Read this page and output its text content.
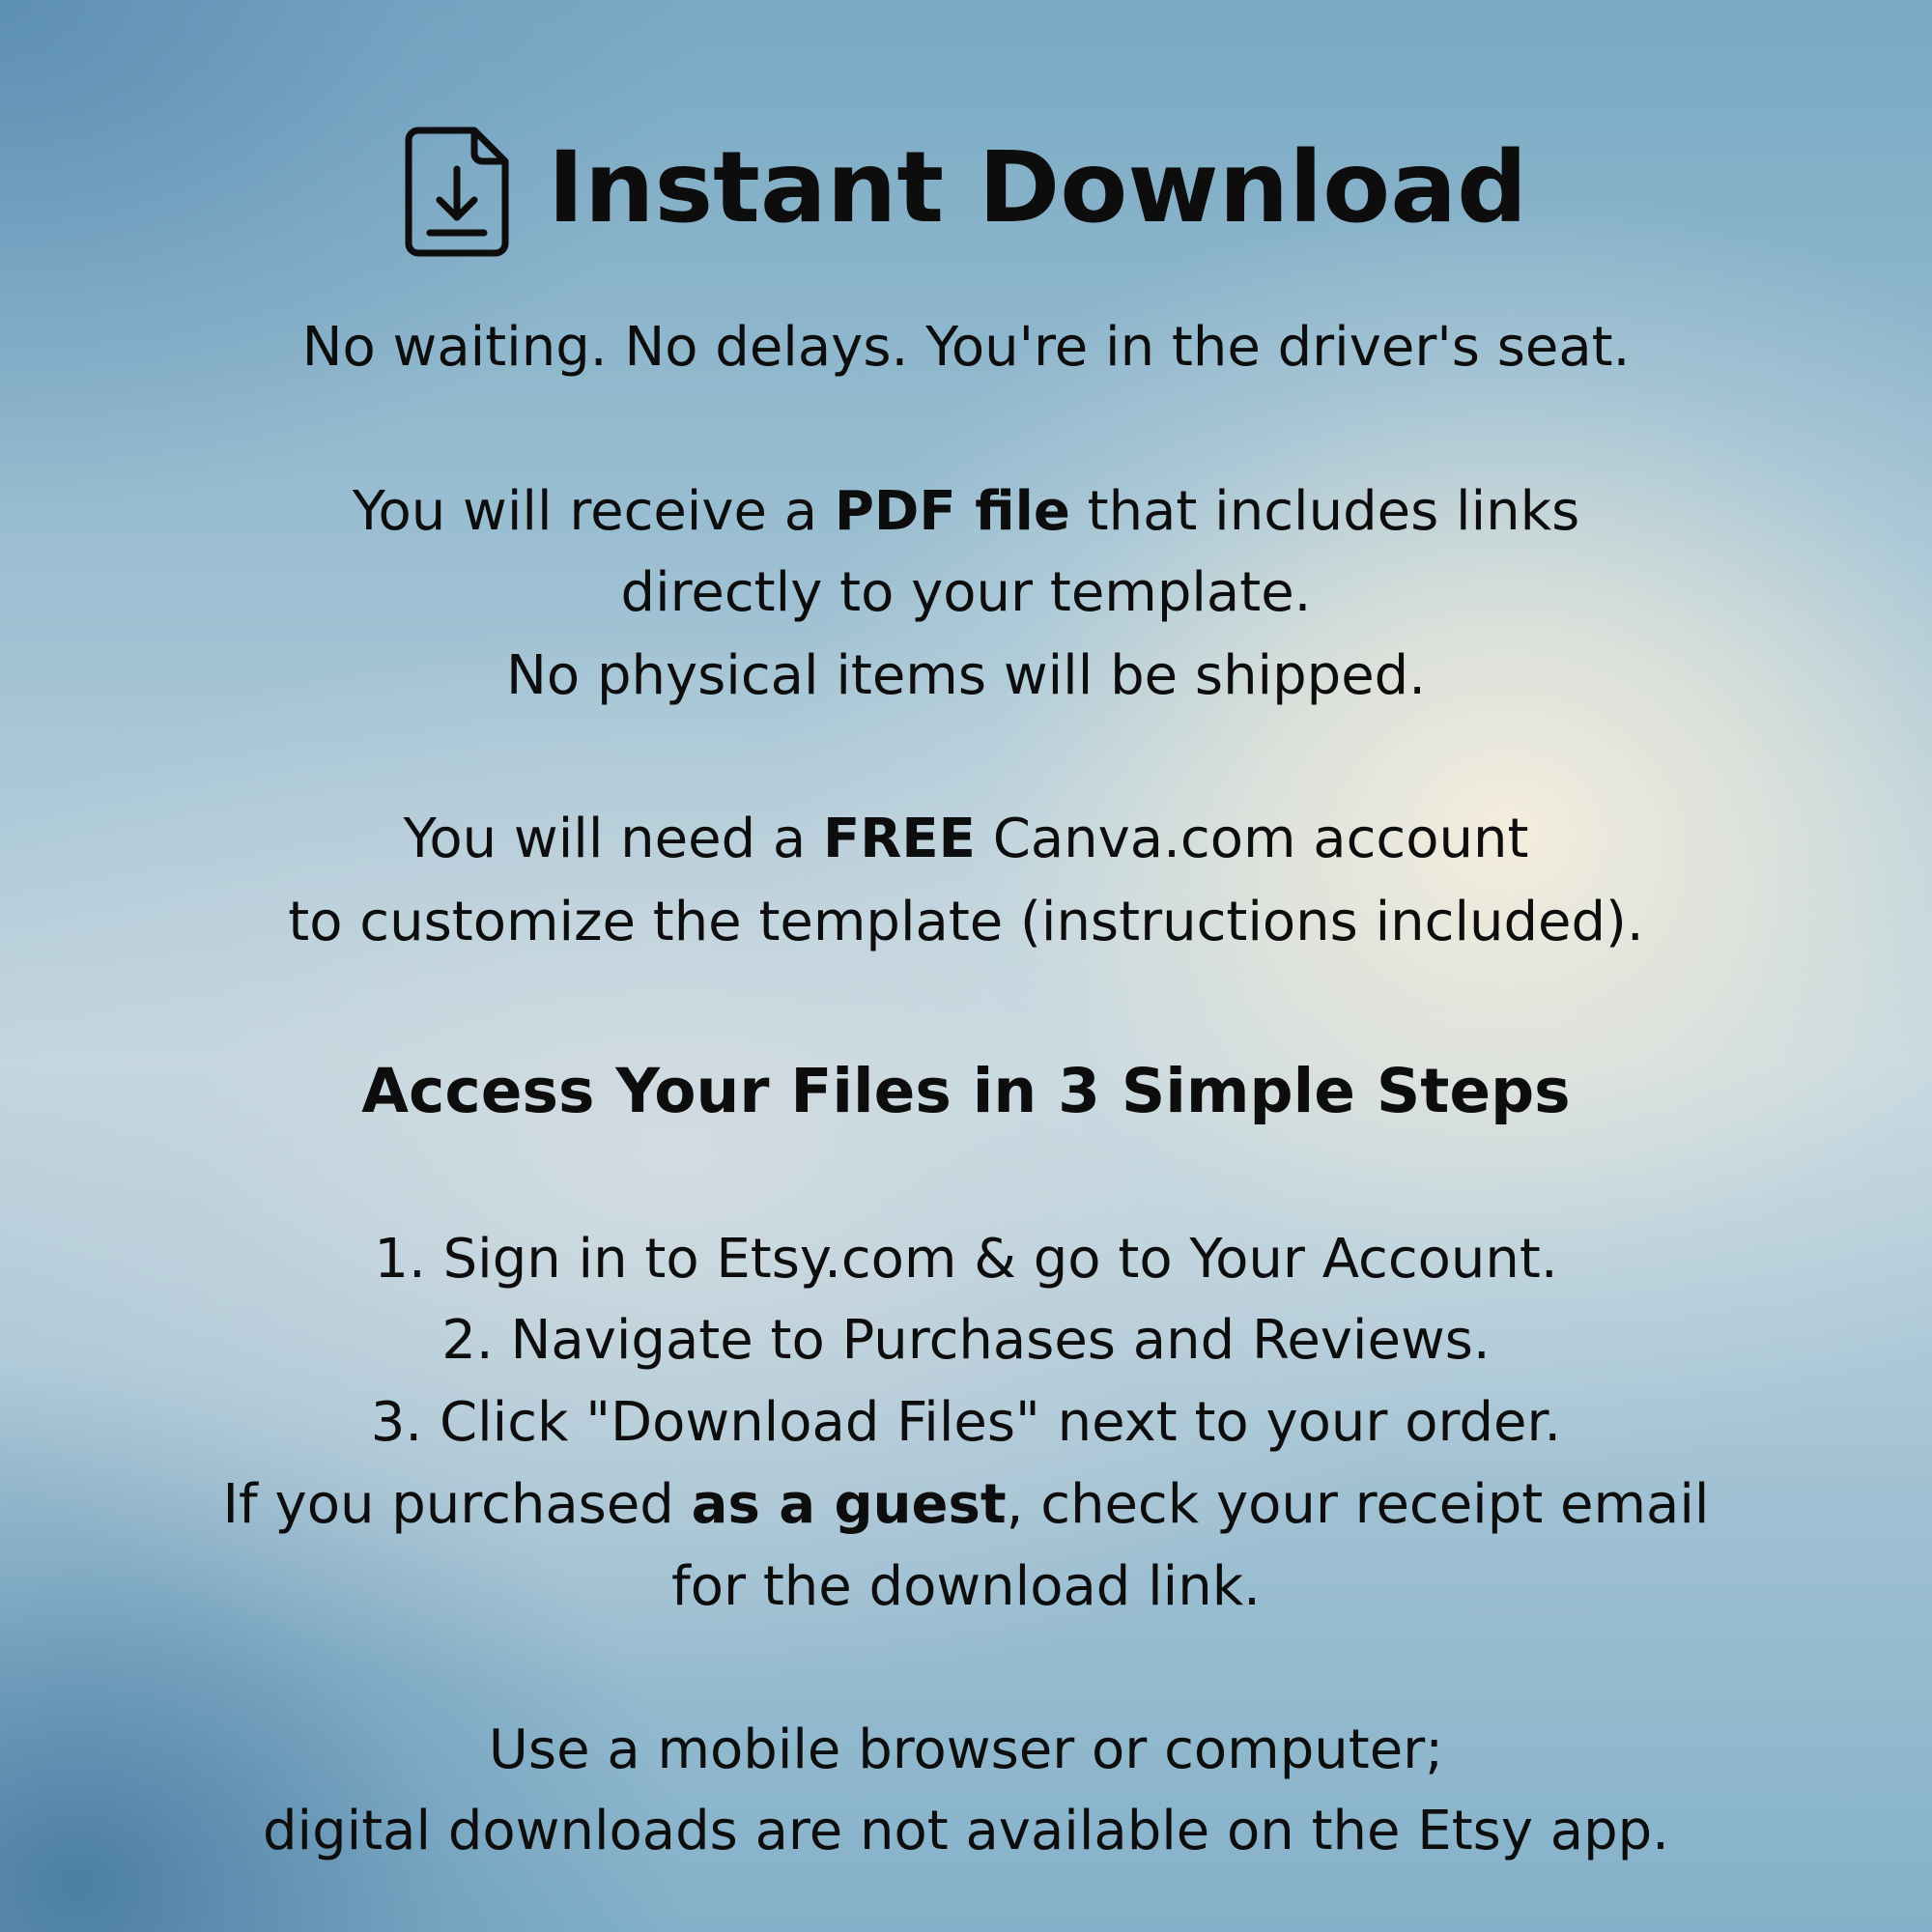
Instant Download
No waiting. No delays. You're in the driver's seat.
You will receive a PDF file that includes links
directly to your template.
No physical items will be shipped.
You will need a FREE Canva.com account
to customize the template (instructions included).
Access Your Files in 3 Simple Steps
1. Sign in to Etsy.com & go to Your Account.
2. Navigate to Purchases and Reviews.
3. Click "Download Files" next to your order.
If you purchased as a guest, check your receipt email
for the download link.
Use a mobile browser or computer;
digital downloads are not available on the Etsy app.
